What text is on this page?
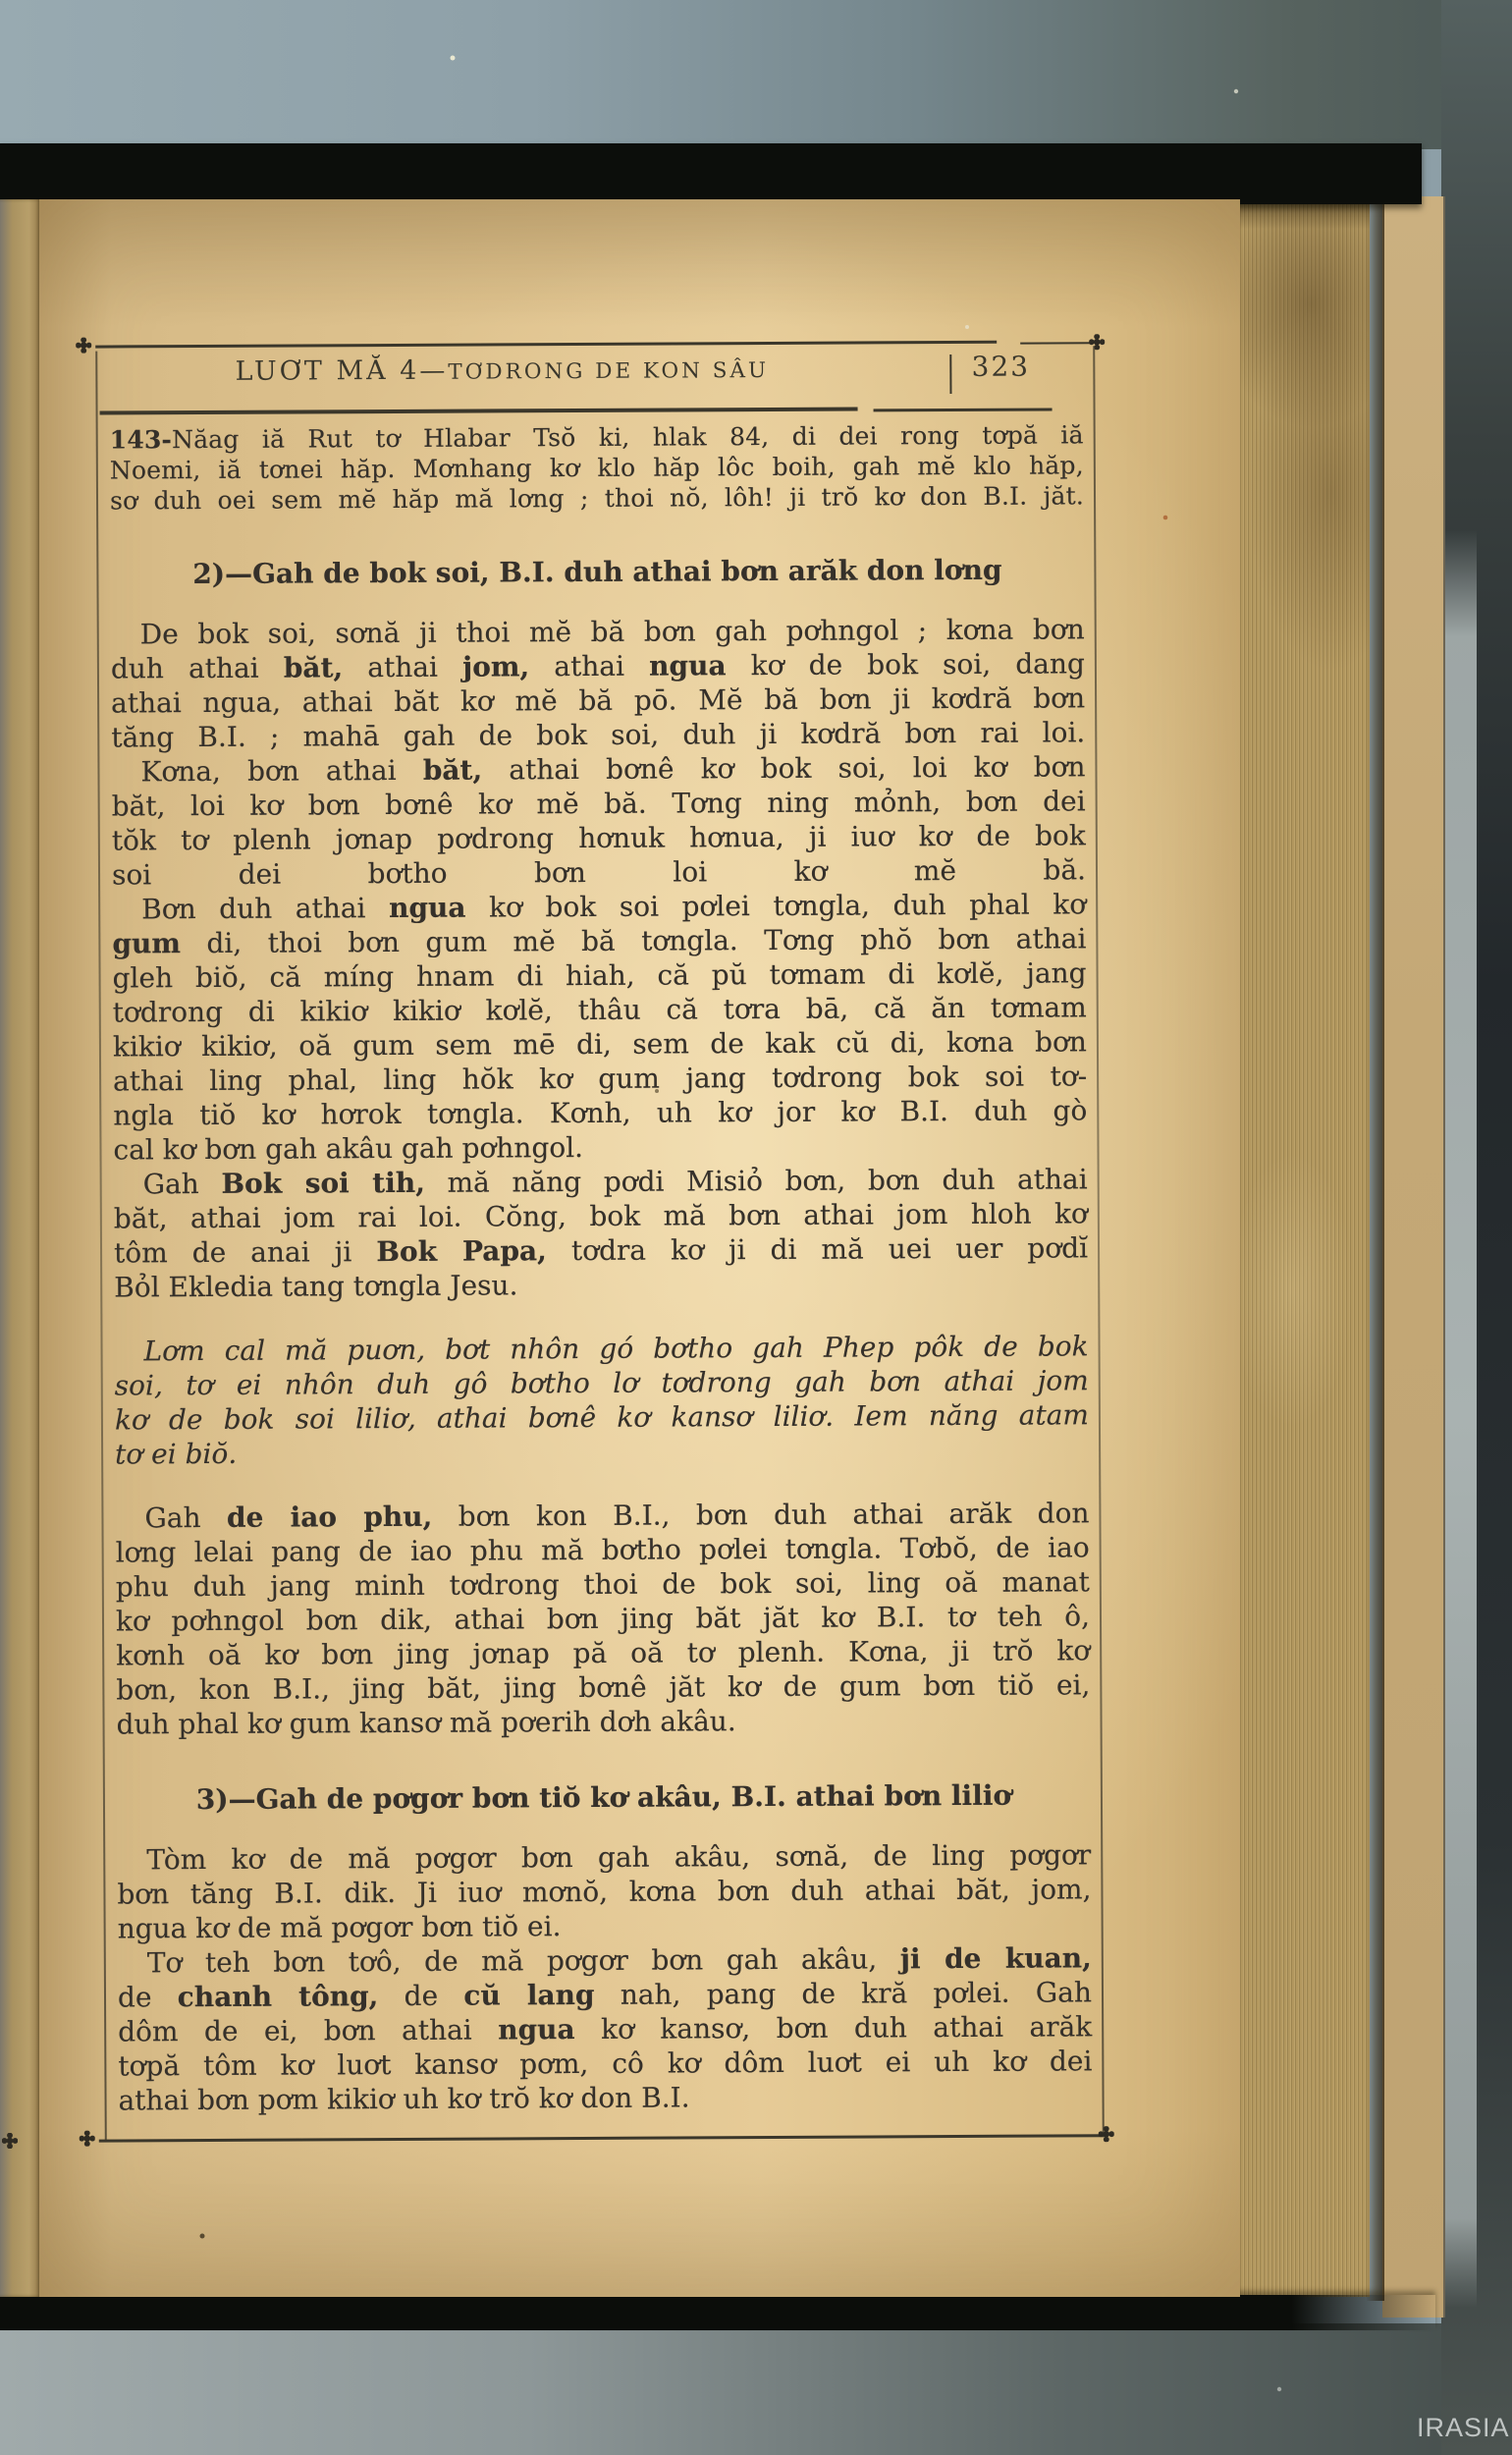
LUƠT MĂ 4—TƠDRONG DE KON SÂU	323
143-Năag iă Rut tơ Hlabar Tsŏ ki, hlak 84, di dei rong tơpă iă
Noemi, iă tơnei hăp. Mơnhang kơ klo hăp lôc boih, gah mĕ klo hăp,
sơ duh oei sem mĕ hăp mă lơng ; thoi nŏ, lôh! ji trŏ kơ don B.I. jăt.
2)—Gah de bok soi, B.I. duh athai bơn arăk don lơng
De bok soi, sơnă ji thoi mĕ bă bơn gah pơhngol ; kơna bơn
duh athai băt, athai jom, athai ngua kơ de bok soi, dang
athai ngua, athai băt kơ mĕ bă pō. Mĕ bă bơn ji kơdră bơn
tăng B.I. ; mahā gah de bok soi, duh ji kơdră bơn rai loi.
Kơna, bơn athai băt, athai bơnê kơ bok soi, loi kơ bơn
băt, loi kơ bơn bơnê kơ mĕ bă. Tơng ning mỏnh, bơn dei
tŏk tơ plenh jơnap pơdrong hơnuk hơnua, ji iuơ kơ de bok
soi dei bơtho bơn loi kơ mĕ bă.
Bơn duh athai ngua kơ bok soi pơlei tơngla, duh phal kơ
gum di, thoi bơn gum mĕ bă tơngla. Tơng phŏ bơn athai
gleh biŏ, că míng hnam di hiah, că pŭ tơmam di kơlĕ, jang
tơdrong di kikiơ kikiơ kơlĕ, thâu că tơra bā, că ăn tơmam
kikiơ kikiơ, oă gum sem mē di, sem de kak cŭ di, kơna bơn
athai ling phal, ling hŏk kơ gum jang tơdrong bok soi tơ-
ngla tiŏ kơ hơrok tơngla. Kơnh, uh kơ jor kơ B.I. duh gò
cal kơ bơn gah akâu gah pơhngol.
Gah Bok soi tih, mă năng pơdi Misiỏ bơn, bơn duh athai
băt, athai jom rai loi. Cŏng, bok mă bơn athai jom hloh kơ
tôm de anai ji Bok Papa, tơdra kơ ji di mă uei uer pơdĭ
Bỏl Ekledia tang tơngla Jesu.
Lơm cal mă puơn, bơt nhôn gó bơtho gah Phep pôk de bok
soi, tơ ei nhôn duh gô bơtho lơ tơdrong gah bơn athai jom
kơ de bok soi liliơ, athai bơnê kơ kansơ liliơ. Iem năng atam
tơ ei biŏ.
Gah de iao phu, bơn kon B.I., bơn duh athai arăk don
lơng lelai pang de iao phu mă bơtho pơlei tơngla. Tơbŏ, de iao
phu duh jang minh tơdrong thoi de bok soi, ling oă manat
kơ pơhngol bơn dik, athai bơn jing băt jăt kơ B.I. tơ teh ô,
kơnh oă kơ bơn jing jơnap pă oă tơ plenh. Kơna, ji trŏ kơ
bơn, kon B.I., jing băt, jing bơnê jăt kơ de gum bơn tiŏ ei,
duh phal kơ gum kansơ mă pơerih dơh akâu.
3)—Gah de pơgơr bơn tiŏ kơ akâu, B.I. athai bơn liliơ
Tòm kơ de mă pơgơr bơn gah akâu, sơnă, de ling pơgơr
bơn tăng B.I. dik. Ji iuơ mơnŏ, kơna bơn duh athai băt, jom,
ngua kơ de mă pơgơr bơn tiŏ ei.
Tơ teh bơn tơô, de mă pơgơr bơn gah akâu, ji de kuan,
de chanh tông, de cŭ lang nah, pang de kră pơlei. Gah
dôm de ei, bơn athai ngua kơ kansơ, bơn duh athai arăk
tơpă tôm kơ luơt kansơ pơm, cô kơ dôm luơt ei uh kơ dei
athai bơn pơm kikiơ uh kơ trŏ kơ don B.I.
IRASIA
